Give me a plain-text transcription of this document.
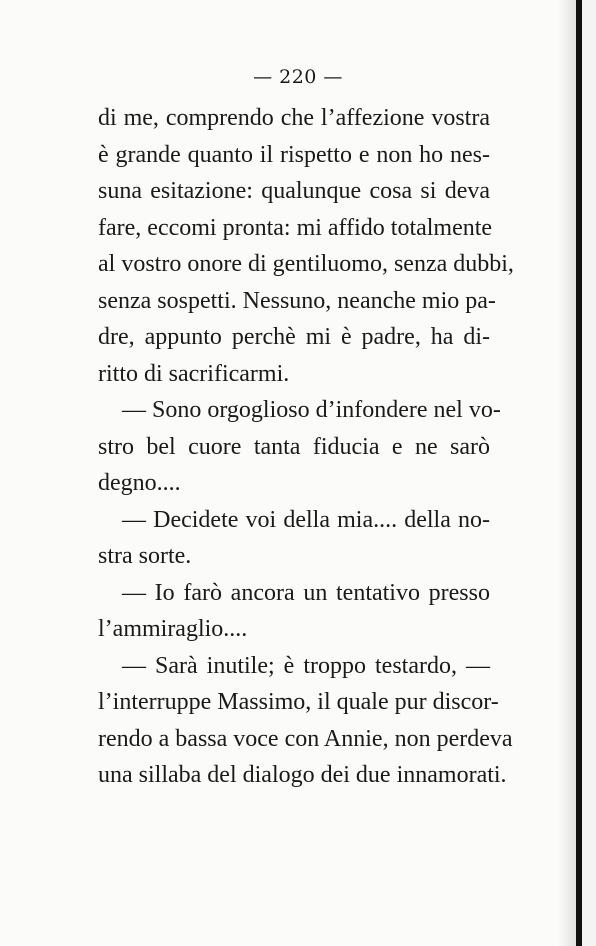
— 220 —
di me, comprendo che l’affezione vostra
è grande quanto il rispetto e non ho nes-
suna esitazione: qualunque cosa si deva
fare, eccomi pronta: mi affido totalmente
al vostro onore di gentiluomo, senza dubbi,
senza sospetti. Nessuno, neanche mio pa-
dre, appunto perchè mi è padre, ha di-
ritto di sacrificarmi.
— Sono orgoglioso d’infondere nel vo-
stro bel cuore tanta fiducia e ne sarò
degno....
— Decidete voi della mia.... della no-
stra sorte.
— Io farò ancora un tentativo presso
l’ammiraglio....
— Sarà inutile; è troppo testardo, —
l’interruppe Massimo, il quale pur discor-
rendo a bassa voce con Annie, non perdeva
una sillaba del dialogo dei due innamorati.
